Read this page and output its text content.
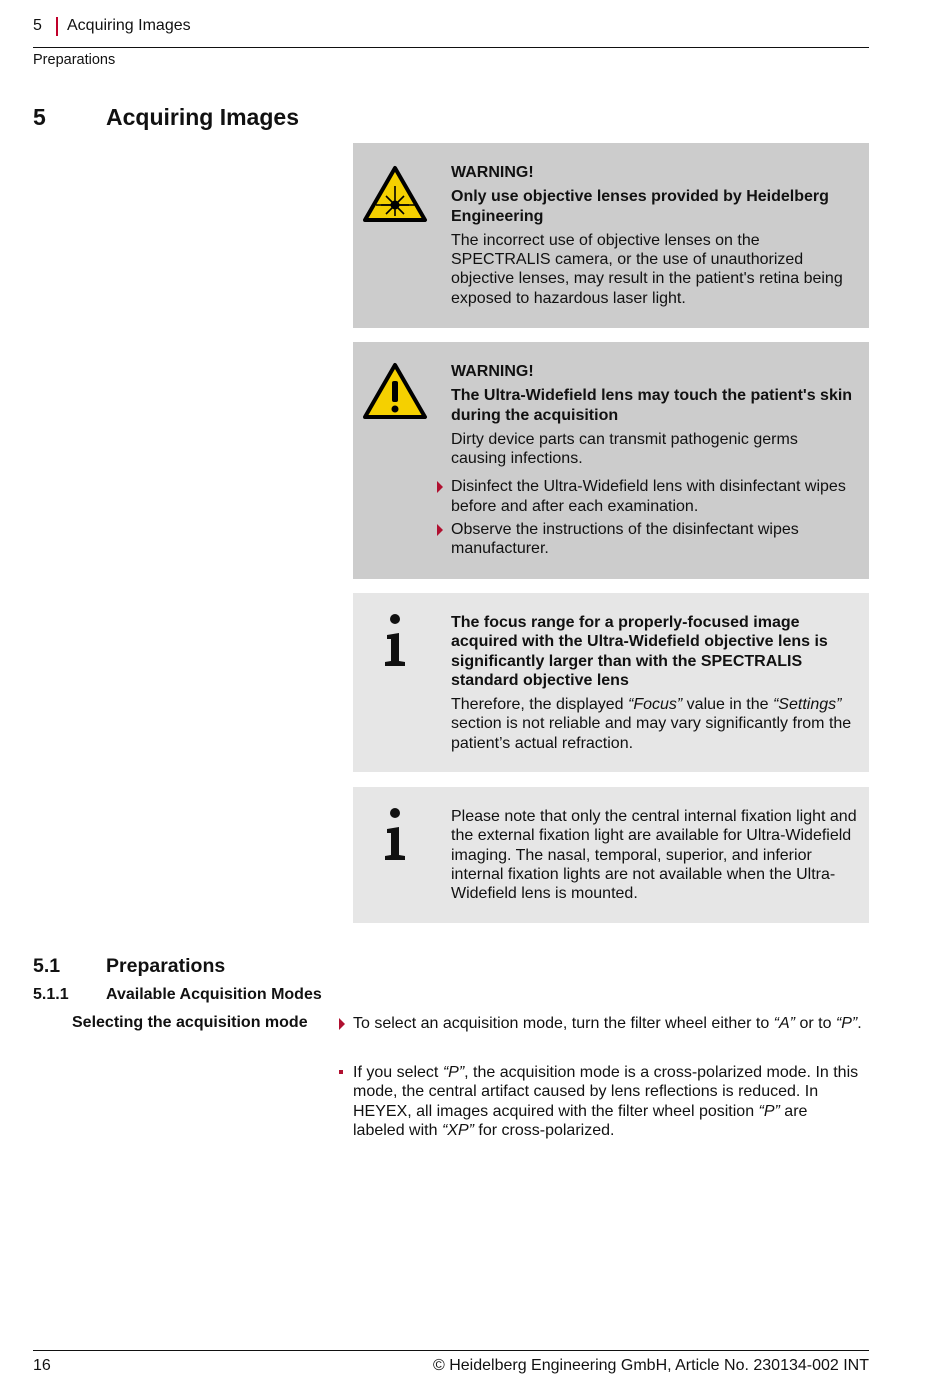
5 Acquiring Images
Preparations
5	Acquiring Images

WARNING!

Only use objective lenses provided by Heidelberg Engineering

The incorrect use of objective lenses on the SPECTRALIS camera, or the use of unauthorized objective lenses, may result in the patient's retina being exposed to hazardous laser light.

WARNING!

The Ultra-Widefield lens may touch the patient's skin during the acquisition

Dirty device parts can transmit pathogenic germs causing infections.

Disinfect the Ultra-Widefield lens with disinfectant wipes before and after each examination.
Observe the instructions of the disinfectant wipes manufacturer.

The focus range for a properly-focused image acquired with the Ultra-Widefield objective lens is significantly larger than with the SPECTRALIS standard objective lens

Therefore, the displayed “Focus” value in the “Settings” section is not reliable and may vary significantly from the patient’s actual refraction.

Please note that only the central internal fixation light and the external fixation light are available for Ultra-Widefield imaging. The nasal, temporal, superior, and inferior internal fixation lights are not available when the Ultra-Widefield lens is mounted.

5.1 Preparations
5.1.1 Available Acquisition Modes
Selecting the acquisition mode	To select an acquisition mode, turn the filter wheel either to “A” or to “P”.
If you select “P”, the acquisition mode is a cross-polarized mode. In this mode, the central artifact caused by lens reflections is reduced. In HEYEX, all images acquired with the filter wheel position “P” are labeled with “XP” for cross-polarized.
16	© Heidelberg Engineering GmbH, Article No. 230134-002 INT
